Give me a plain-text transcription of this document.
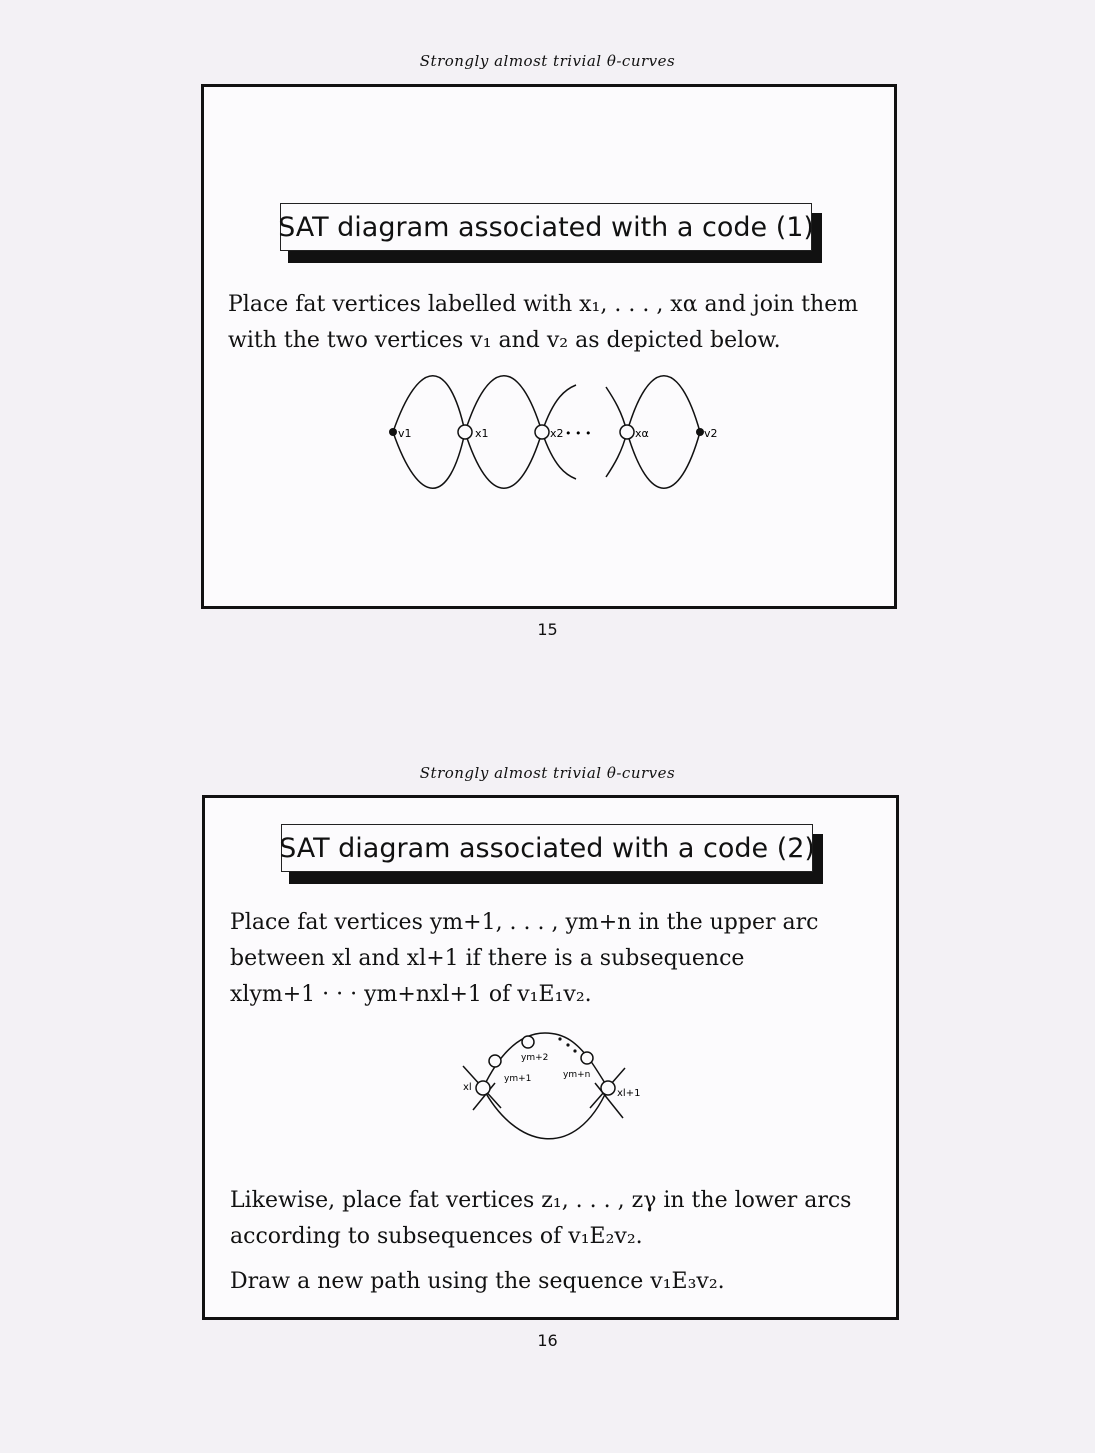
Strongly almost trivial θ-curves
SAT diagram associated with a code (1)
Place fat vertices labelled with x₁, . . . , xα and join them
with the two vertices v₁ and v₂ as depicted below.
v1	x1	x2 • • •	xα	v2
15
Strongly almost trivial θ-curves
SAT diagram associated with a code (2)
Place fat vertices ym+1, . . . , ym+n in the upper arc
between xl and xl+1 if there is a subsequence
xlym+1 · · · ym+nxl+1 of v₁E₁v₂.
xl
ym+1
ym+2
ym+n
xl+1
Likewise, place fat vertices z₁, . . . , zγ in the lower arcs
according to subsequences of v₁E₂v₂.
Draw a new path using the sequence v₁E₃v₂.
16
